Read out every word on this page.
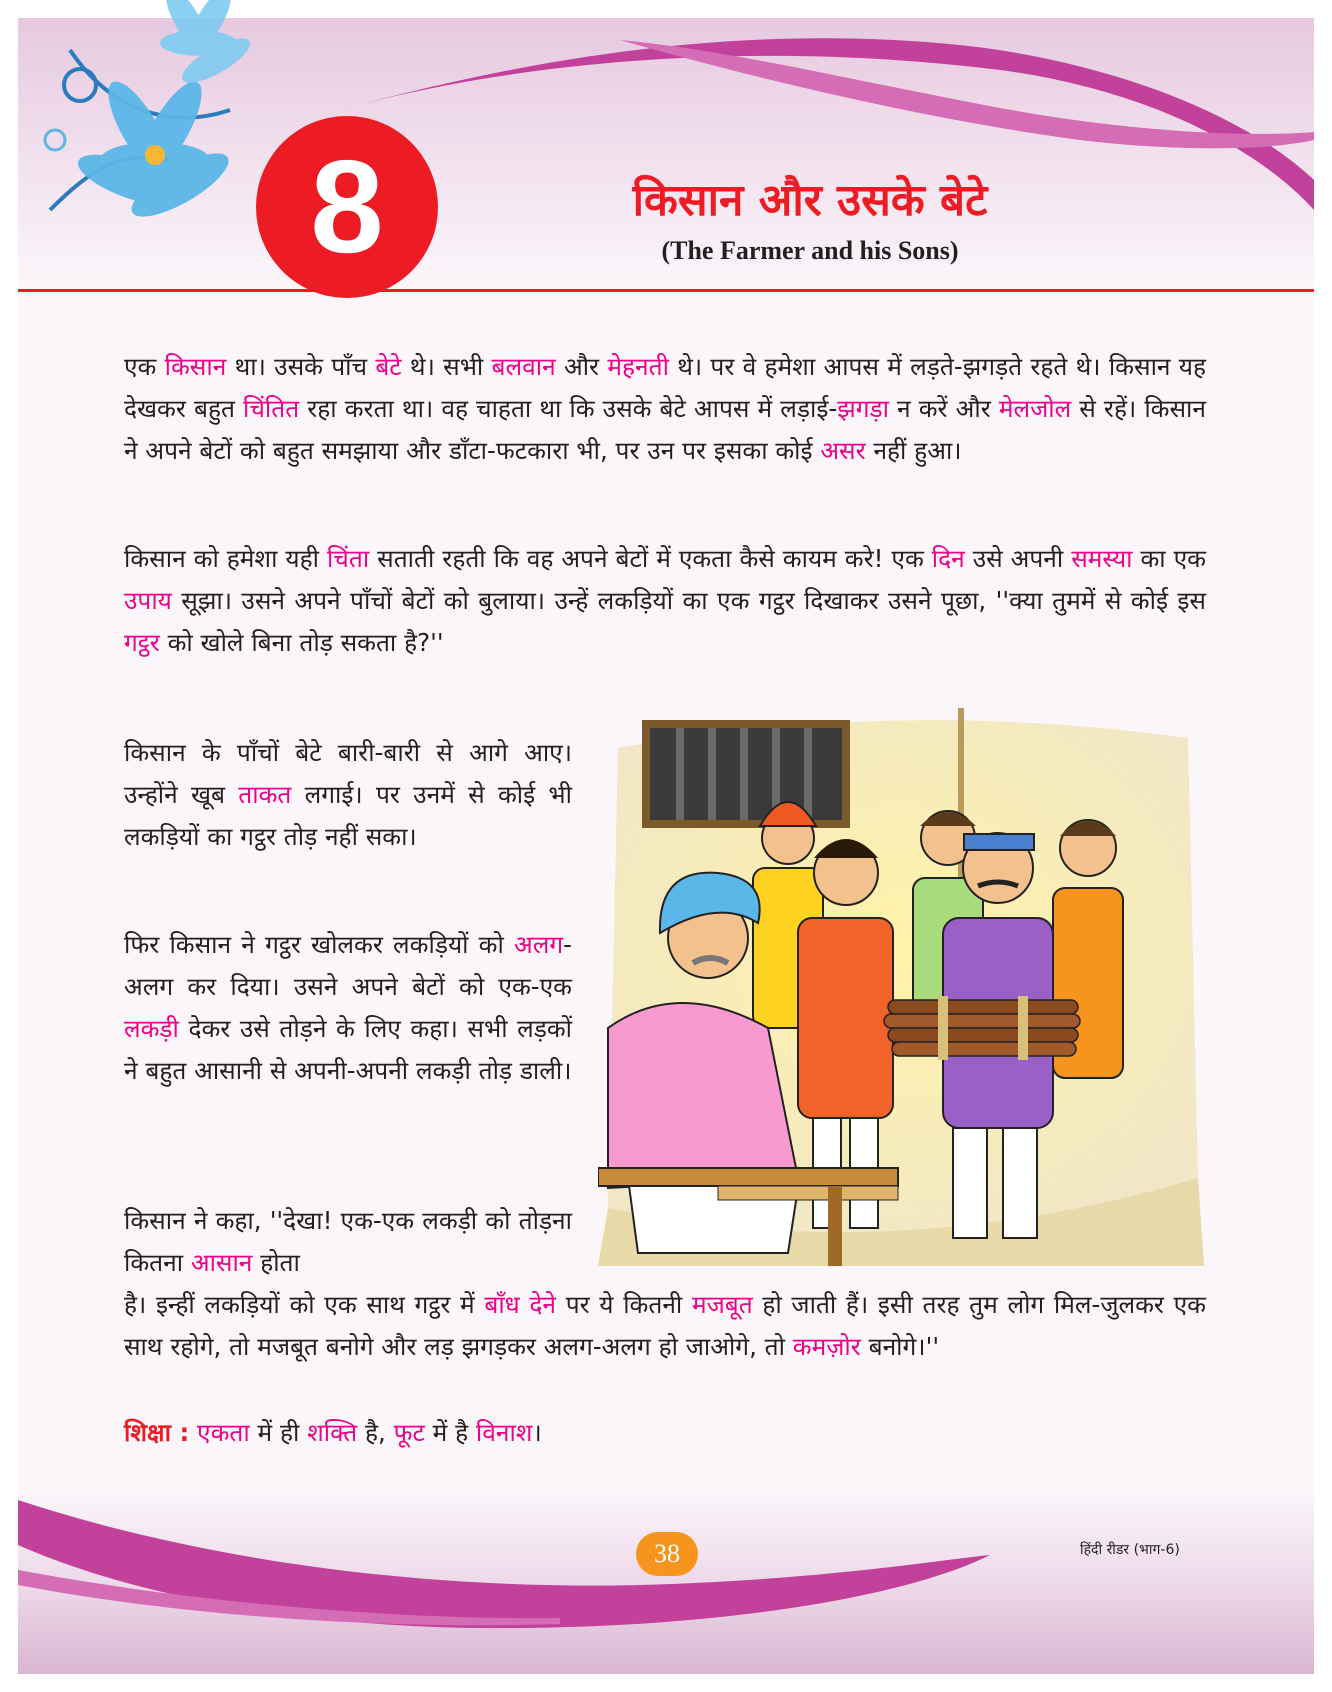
8	किसान और उसके बेटे
(The Farmer and his Sons)

एक किसान था। उसके पाँच बेटे थे। सभी बलवान और मेहनती थे। पर वे हमेशा आपस में लड़ते-झगड़ते रहते थे। किसान यह देखकर बहुत चिंतित रहा करता था। वह चाहता था कि उसके बेटे आपस में लड़ाई-झगड़ा न करें और मेलजोल से रहें। किसान ने अपने बेटों को बहुत समझाया और डाँटा-फटकारा भी, पर उन पर इसका कोई असर नहीं हुआ।

किसान को हमेशा यही चिंता सताती रहती कि वह अपने बेटों में एकता कैसे कायम करे! एक दिन उसे अपनी समस्या का एक उपाय सूझा। उसने अपने पाँचों बेटों को बुलाया। उन्हें लकड़ियों का एक गट्ठर दिखाकर उसने पूछा, ''क्या तुममें से कोई इस गट्ठर को खोले बिना तोड़ सकता है?''

किसान के पाँचों बेटे बारी-बारी से आगे आए। उन्होंने खूब ताकत लगाई। पर उनमें से कोई भी लकड़ियों का गट्ठर तोड़ नहीं सका।

फिर किसान ने गट्ठर खोलकर लकड़ियों को अलग-अलग कर दिया। उसने अपने बेटों को एक-एक लकड़ी देकर उसे तोड़ने के लिए कहा। सभी लड़कों ने बहुत आसानी से अपनी-अपनी लकड़ी तोड़ डाली।

किसान ने कहा, ''देखा! एक-एक लकड़ी को तोड़ना कितना आसान होता

है। इन्हीं लकड़ियों को एक साथ गट्ठर में बाँध देने पर ये कितनी मजबूत हो जाती हैं। इसी तरह तुम लोग मिल-जुलकर एक साथ रहोगे, तो मजबूत बनोगे और लड़ झगड़कर अलग-अलग हो जाओगे, तो कमज़ोर बनोगे।''

शिक्षा : एकता में ही शक्ति है, फूट में है विनाश।

38	हिंदी रीडर (भाग-6)
